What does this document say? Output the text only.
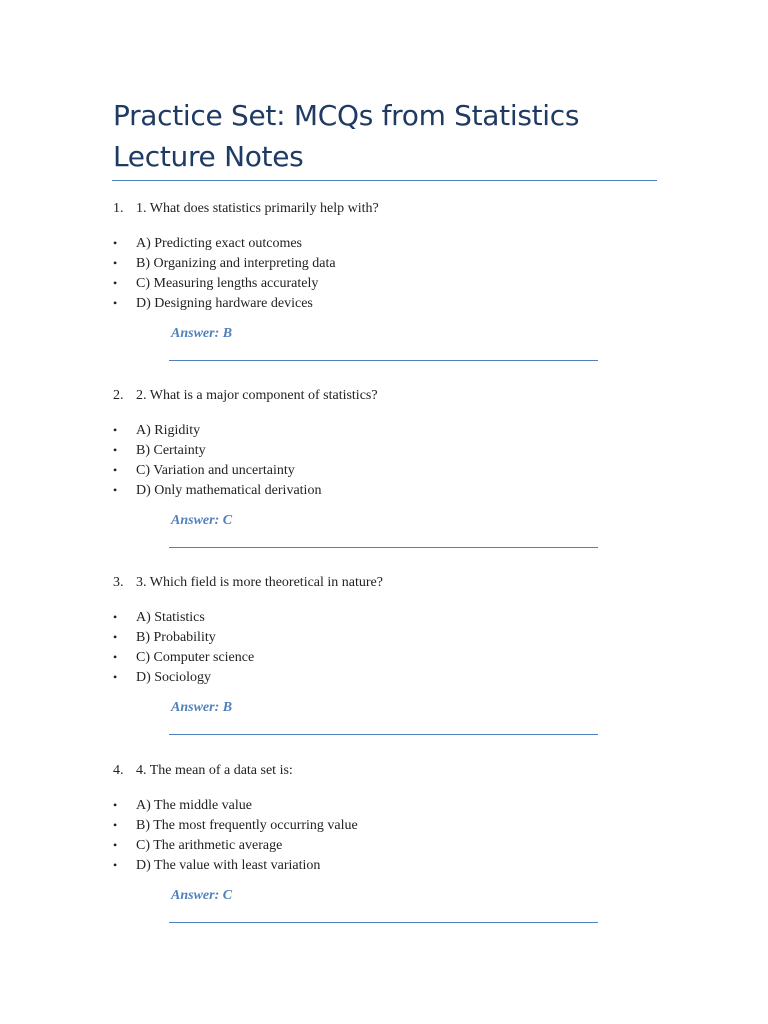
Practice Set: MCQs from Statistics Lecture Notes
1. 1. What does statistics primarily help with?
• A) Predicting exact outcomes
• B) Organizing and interpreting data
• C) Measuring lengths accurately
• D) Designing hardware devices
Answer: B
2. 2. What is a major component of statistics?
• A) Rigidity
• B) Certainty
• C) Variation and uncertainty
• D) Only mathematical derivation
Answer: C
3. 3. Which field is more theoretical in nature?
• A) Statistics
• B) Probability
• C) Computer science
• D) Sociology
Answer: B
4. 4. The mean of a data set is:
• A) The middle value
• B) The most frequently occurring value
• C) The arithmetic average
• D) The value with least variation
Answer: C
